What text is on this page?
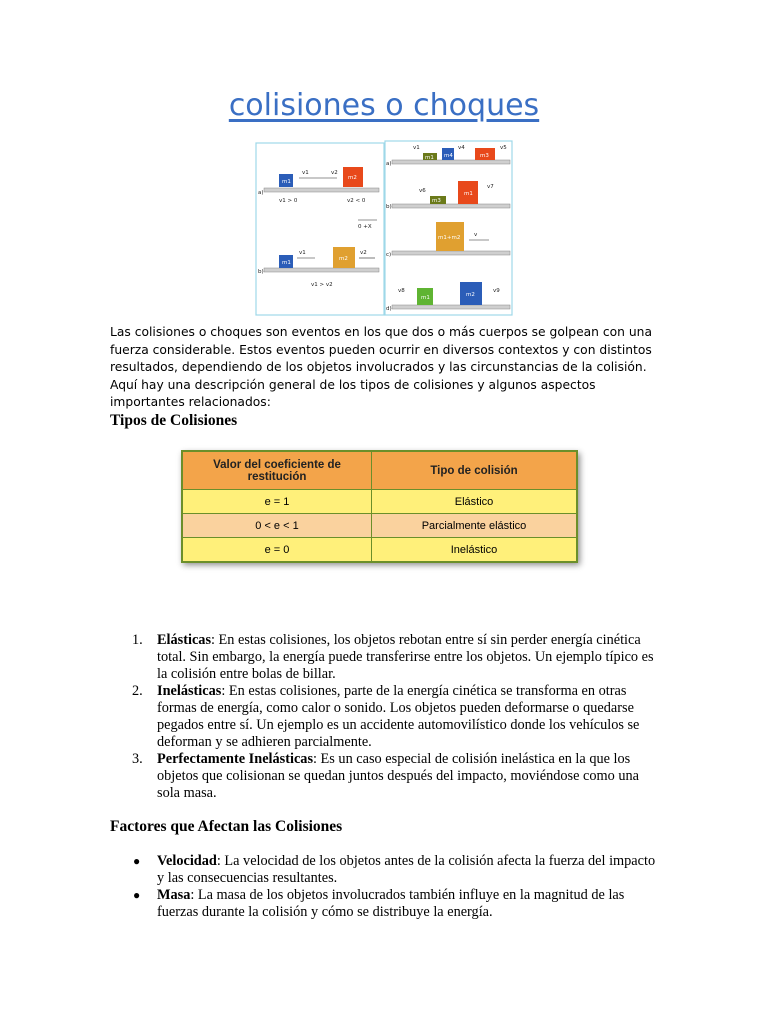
colisiones o choques
a)
m1
v1
m2
v2
v1 > 0	v2 < 0
0 +X
b)
m1
v1
m2
v2
v1 > v2
a)
m1 m4	m3
v1	v4	v5
b)
m3
m1
v6
v7
c)
m1+m2 v
d)
m1	m2
v8	v9

Las colisiones o choques son eventos en los que dos o más cuerpos se golpean con una fuerza considerable. Estos eventos pueden ocurrir en diversos contextos y con distintos resultados, dependiendo de los objetos involucrados y las circunstancias de la colisión. Aquí hay una descripción general de los tipos de colisiones y algunos aspectos importantes relacionados:

Tipos de Colisiones
Valor del coeficiente de restitución	Tipo de colisión
e = 1	Elástico
0 < e < 1	Parcialmente elástico
e = 0	Inelástico
1. Elásticas: En estas colisiones, los objetos rebotan entre sí sin perder energía cinética total. Sin embargo, la energía puede transferirse entre los objetos. Un ejemplo típico es la colisión entre bolas de billar.
2. Inelásticas: En estas colisiones, parte de la energía cinética se transforma en otras formas de energía, como calor o sonido. Los objetos pueden deformarse o quedarse pegados entre sí. Un ejemplo es un accidente automovilístico donde los vehículos se deforman y se adhieren parcialmente.
3. Perfectamente Inelásticas: Es un caso especial de colisión inelástica en la que los objetos que colisionan se quedan juntos después del impacto, moviéndose como una sola masa.
Factores que Afectan las Colisiones
● Velocidad: La velocidad de los objetos antes de la colisión afecta la fuerza del impacto y las consecuencias resultantes.
● Masa: La masa de los objetos involucrados también influye en la magnitud de las fuerzas durante la colisión y cómo se distribuye la energía.
